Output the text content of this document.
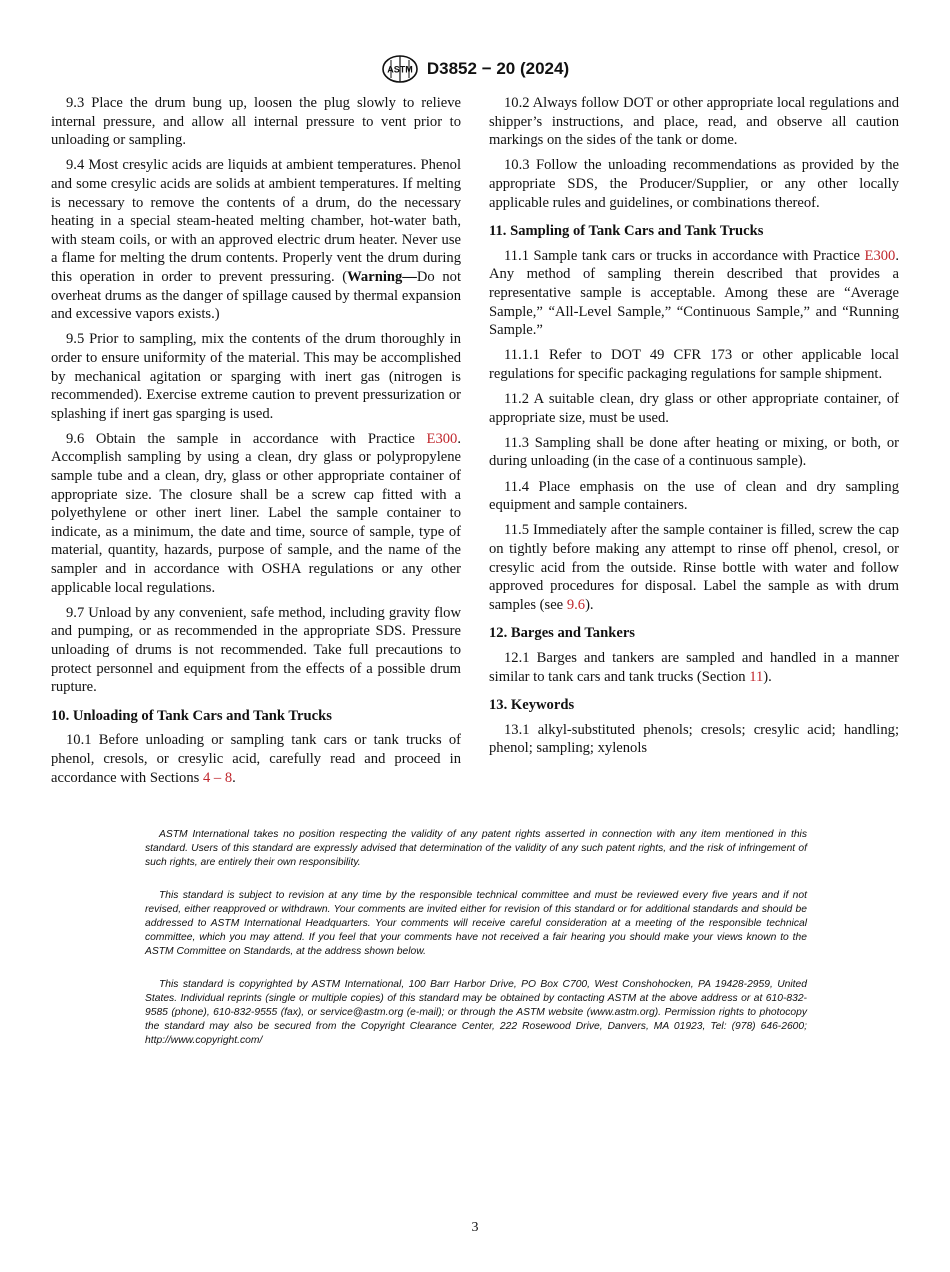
ASTM D3852 − 20 (2024)

9.3 Place the drum bung up, loosen the plug slowly to relieve internal pressure, and allow all internal pressure to vent prior to unloading or sampling.

9.4 Most cresylic acids are liquids at ambient temperatures. Phenol and some cresylic acids are solids at ambient temperatures. If melting is necessary to remove the contents of a drum, do the necessary heating in a special steam-heated melting chamber, hot-water bath, with steam coils, or with an approved electric drum heater. Never use a flame for melting the drum contents. Properly vent the drum during this operation in order to prevent pressuring. (Warning—Do not overheat drums as the danger of spillage caused by thermal expansion and excessive vapors exists.)

9.5 Prior to sampling, mix the contents of the drum thoroughly in order to ensure uniformity of the material. This may be accomplished by mechanical agitation or sparging with inert gas (nitrogen is recommended). Exercise extreme caution to prevent pressurization or splashing if inert gas sparging is used.

9.6 Obtain the sample in accordance with Practice E300. Accomplish sampling by using a clean, dry glass or polypropylene sample tube and a clean, dry, glass or other appropriate container of appropriate size. The closure shall be a screw cap fitted with a polyethylene or other inert liner. Label the sample container to indicate, as a minimum, the date and time, source of sample, type of material, quantity, hazards, purpose of sample, and the name of the sampler and in accordance with OSHA regulations or any other applicable local regulations.

9.7 Unload by any convenient, safe method, including gravity flow and pumping, or as recommended in the appropriate SDS. Pressure unloading of drums is not recommended. Take full precautions to protect personnel and equipment from the effects of a possible drum rupture.

10. Unloading of Tank Cars and Tank Trucks

10.1 Before unloading or sampling tank cars or tank trucks of phenol, cresols, or cresylic acid, carefully read and proceed in accordance with Sections 4 – 8.

10.2 Always follow DOT or other appropriate local regulations and shipper’s instructions, and place, read, and observe all caution markings on the sides of the tank or dome.

10.3 Follow the unloading recommendations as provided by the appropriate SDS, the Producer/Supplier, or any other locally applicable rules and guidelines, or combinations thereof.

11. Sampling of Tank Cars and Tank Trucks

11.1 Sample tank cars or trucks in accordance with Practice E300. Any method of sampling therein described that provides a representative sample is acceptable. Among these are “Average Sample,” “All-Level Sample,” “Continuous Sample,” and “Running Sample.”

11.1.1 Refer to DOT 49 CFR 173 or other applicable local regulations for specific packaging regulations for sample shipment.

11.2 A suitable clean, dry glass or other appropriate container, of appropriate size, must be used.

11.3 Sampling shall be done after heating or mixing, or both, or during unloading (in the case of a continuous sample).

11.4 Place emphasis on the use of clean and dry sampling equipment and sample containers.

11.5 Immediately after the sample container is filled, screw the cap on tightly before making any attempt to rinse off phenol, cresol, or cresylic acid from the outside. Rinse bottle with water and follow approved procedures for disposal. Label the sample as with drum samples (see 9.6).

12. Barges and Tankers

12.1 Barges and tankers are sampled and handled in a manner similar to tank cars and tank trucks (Section 11).

13. Keywords

13.1 alkyl-substituted phenols; cresols; cresylic acid; handling; phenol; sampling; xylenols

ASTM International takes no position respecting the validity of any patent rights asserted in connection with any item mentioned in this standard. Users of this standard are expressly advised that determination of the validity of any such patent rights, and the risk of infringement of such rights, are entirely their own responsibility.

This standard is subject to revision at any time by the responsible technical committee and must be reviewed every five years and if not revised, either reapproved or withdrawn. Your comments are invited either for revision of this standard or for additional standards and should be addressed to ASTM International Headquarters. Your comments will receive careful consideration at a meeting of the responsible technical committee, which you may attend. If you feel that your comments have not received a fair hearing you should make your views known to the ASTM Committee on Standards, at the address shown below.

This standard is copyrighted by ASTM International, 100 Barr Harbor Drive, PO Box C700, West Conshohocken, PA 19428-2959, United States. Individual reprints (single or multiple copies) of this standard may be obtained by contacting ASTM at the above address or at 610-832-9585 (phone), 610-832-9555 (fax), or service@astm.org (e-mail); or through the ASTM website (www.astm.org). Permission rights to photocopy the standard may also be secured from the Copyright Clearance Center, 222 Rosewood Drive, Danvers, MA 01923, Tel: (978) 646-2600; http://www.copyright.com/

3
